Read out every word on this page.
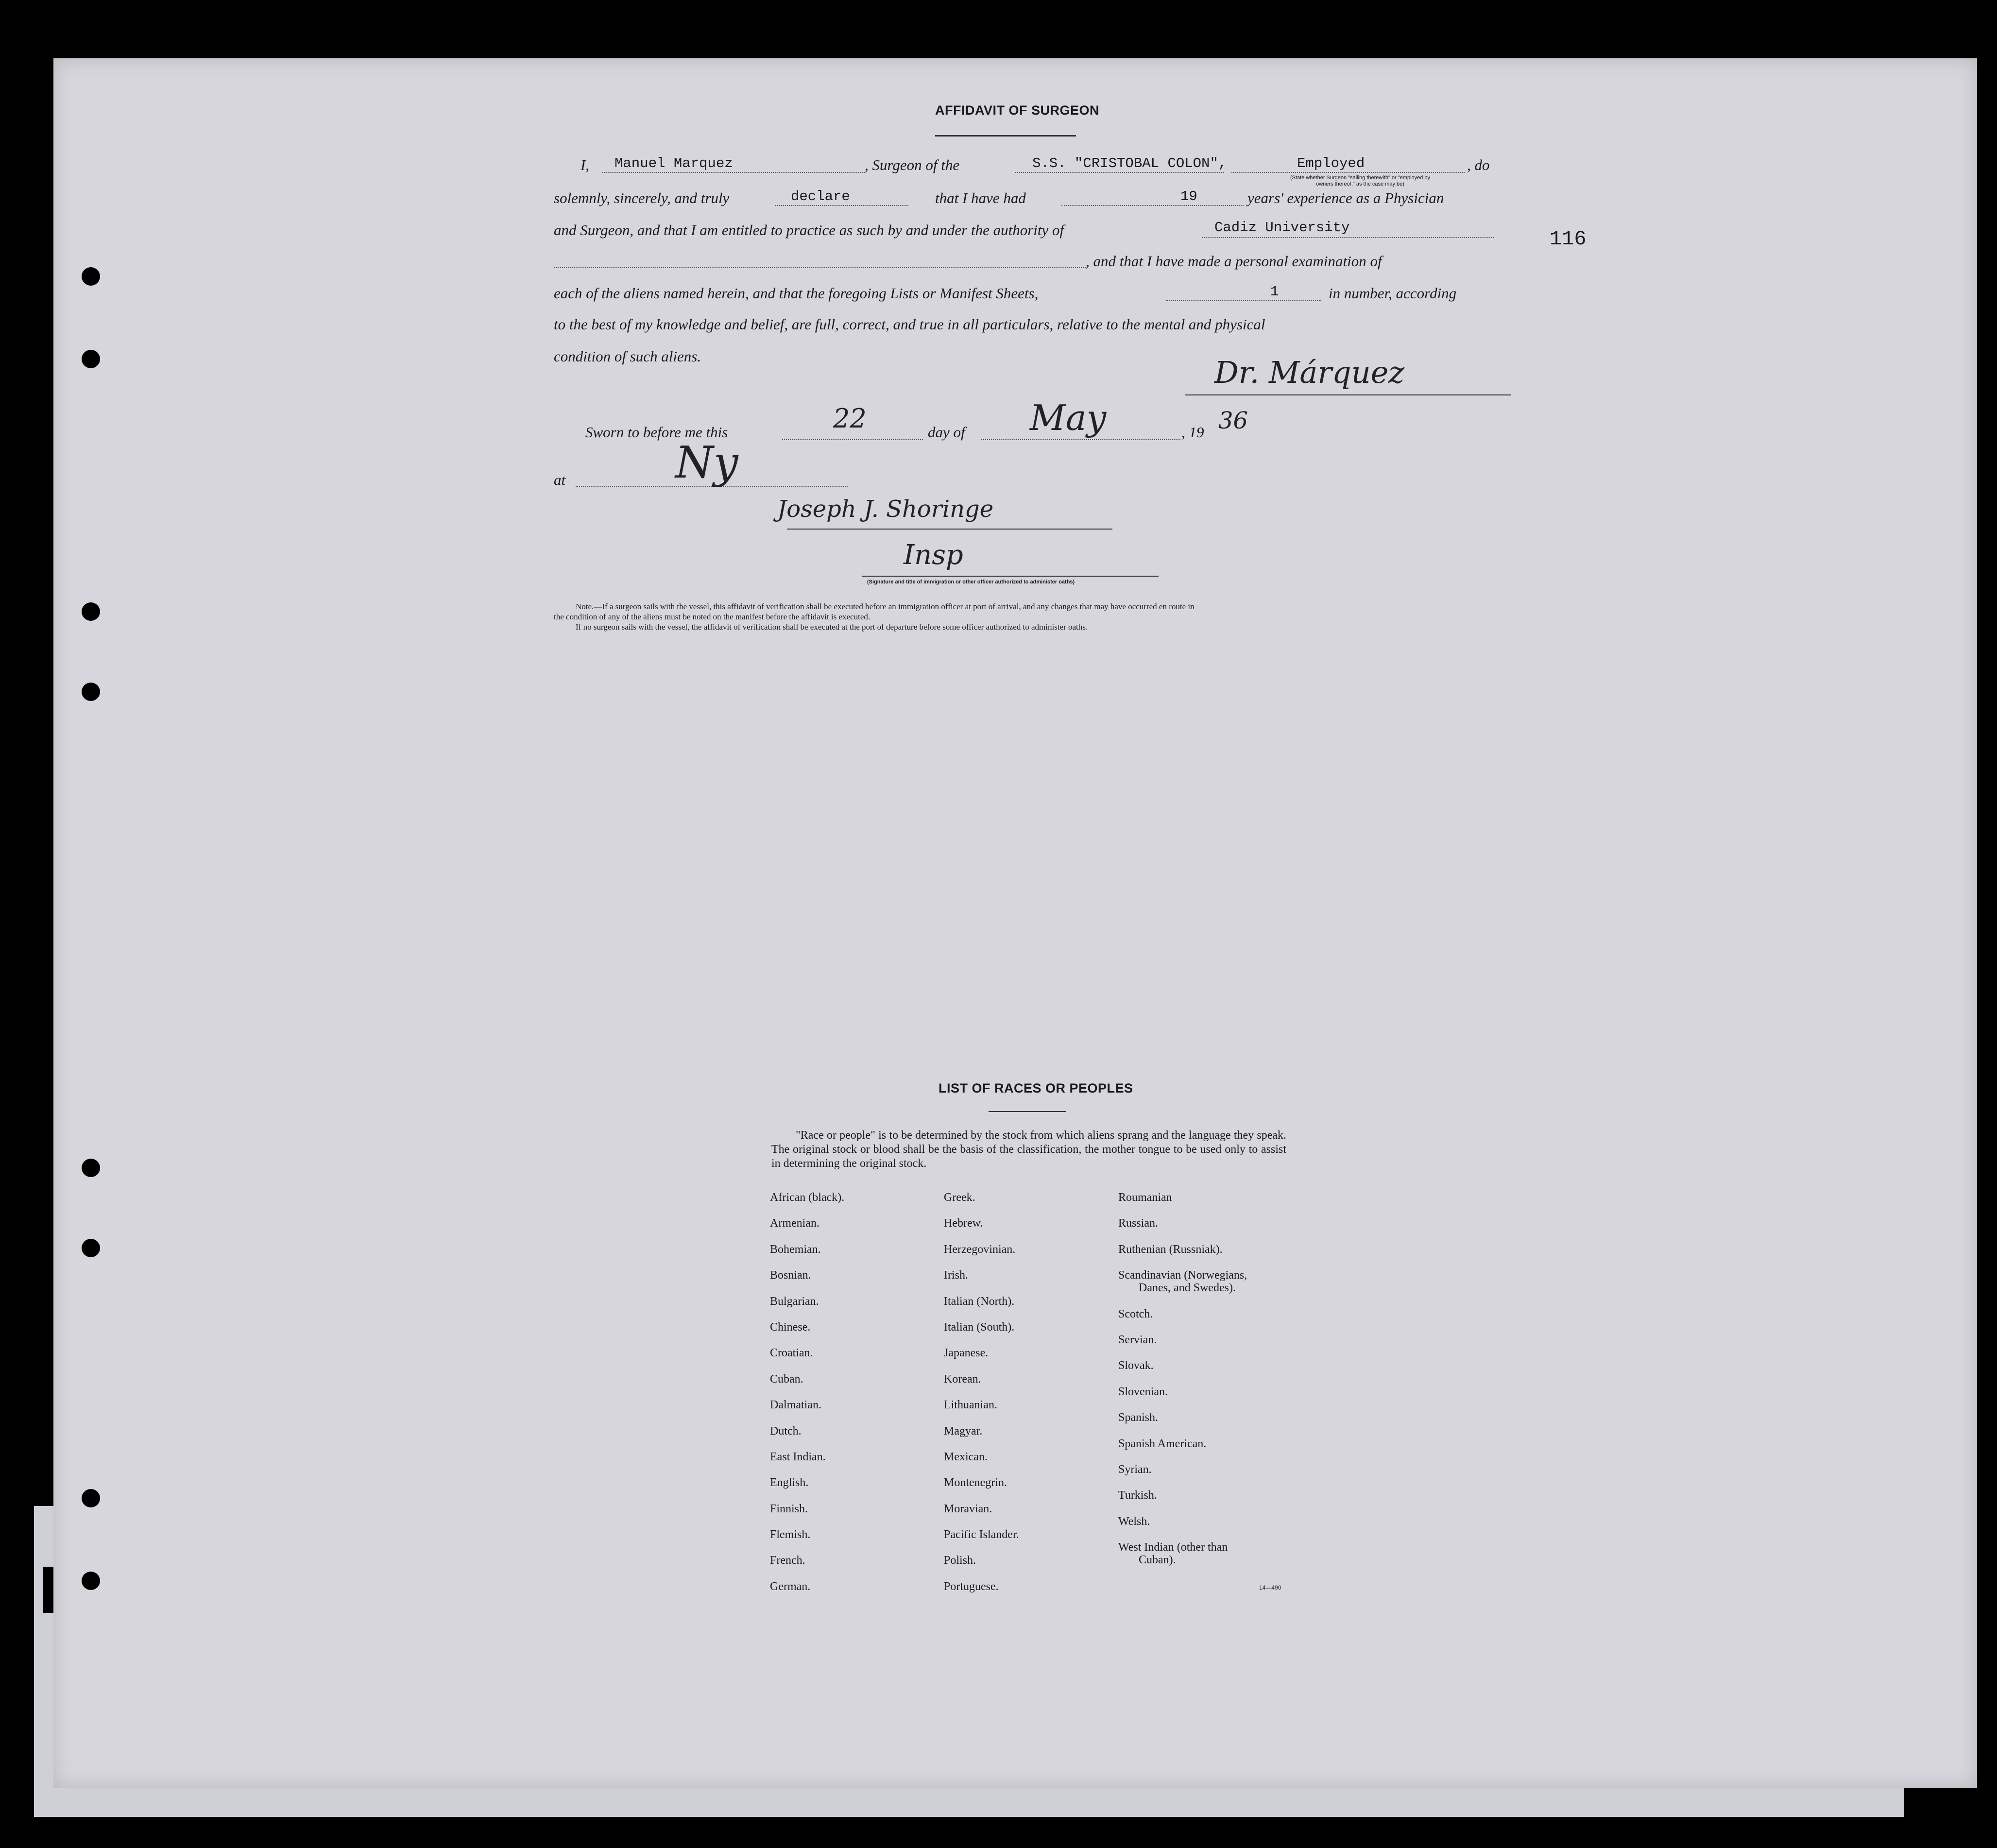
AFFIDAVIT OF SURGEON
I, Manuel Marquez	, Surgeon of the	S.S. "CRISTOBAL COLON",	Employed	, do
(State whether Surgeon "sailing therewith" or "employed by
owners thereof," as the case may be)
solemnly, sincerely, and truly	declare	that I have had	19	years' experience as a Physician
and Surgeon, and that I am entitled to practice as such by and under the authority of	Cadiz University	116
, and that I have made a personal examination of
each of the aliens named herein, and that the foregoing Lists or Manifest Sheets,	1	in number, according
to the best of my knowledge and belief, are full, correct, and true in all particulars, relative to the mental and physical
condition of such aliens.	Dr. Márquez
Sworn to before me this	22	day of May	, 19 36
at	Ny
Joseph J. Shoringe
Insp
(Signature and title of immigration or other officer authorized to administer oaths)
Note.—If a surgeon sails with the vessel, this affidavit of verification shall be executed before an immigration officer at port of arrival, and any changes that may have occurred en route in
the condition of any of the aliens must be noted on the manifest before the affidavit is executed.
If no surgeon sails with the vessel, the affidavit of verification shall be executed at the port of departure before some officer authorized to administer oaths.
LIST OF RACES OR PEOPLES
"Race or people" is to be determined by the stock from which aliens sprang and the language they speak. The original stock or blood shall be the basis of the classification, the mother tongue to be used only to assist in determining the original stock.
African (black).
Armenian.
Bohemian.
Bosnian.
Bulgarian.
Chinese.
Croatian.
Cuban.
Dalmatian.
Dutch.
East Indian.
English.
Finnish.
Flemish.
French.
German.
Greek.
Hebrew.
Herzegovinian.
Irish.
Italian (North).
Italian (South).
Japanese.
Korean.
Lithuanian.
Magyar.
Mexican.
Montenegrin.
Moravian.
Pacific Islander.
Polish.
Portuguese.
Roumanian
Russian.
Ruthenian (Russniak).
Scandinavian (Norwegians,
Danes, and Swedes).
Scotch.
Servian.
Slovak.
Slovenian.
Spanish.
Spanish American.
Syrian.
Turkish.
Welsh.
West Indian (other than
Cuban).
14—490
